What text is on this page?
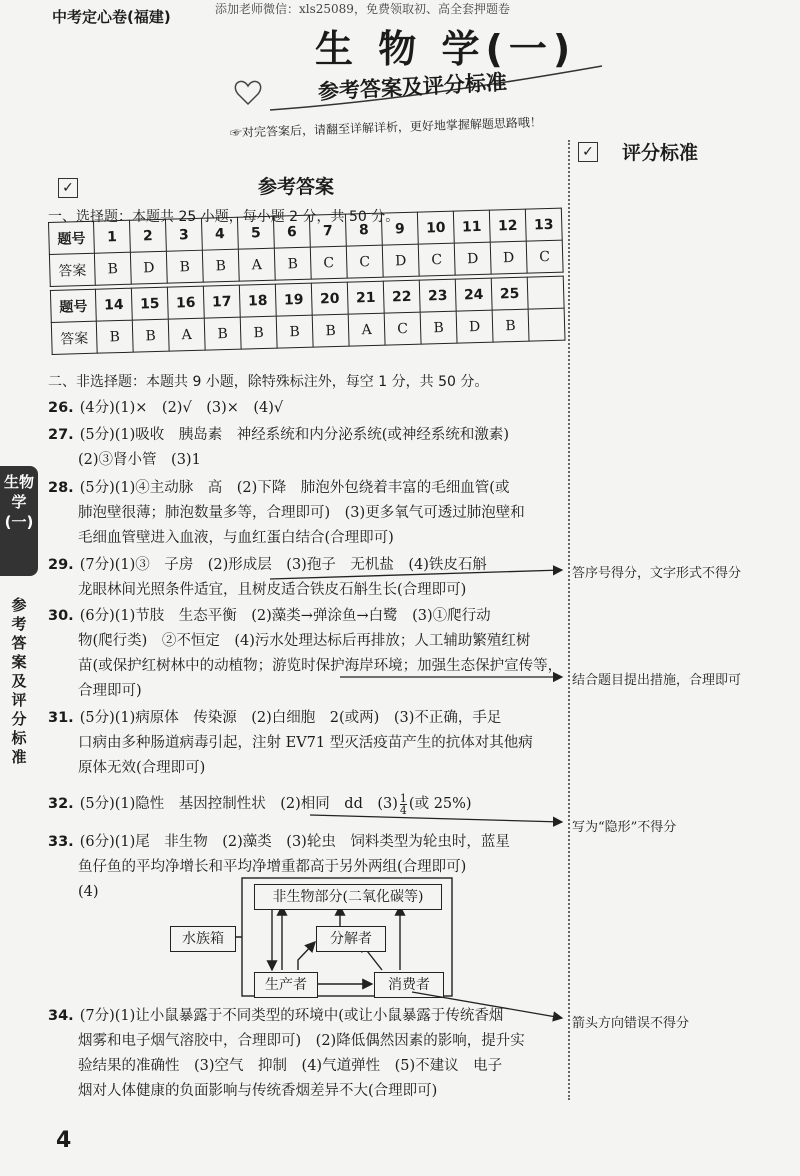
添加老师微信：xls25089，免费领取初、高全套押题卷
中考定心卷(福建)
生 物 学(一)
参考答案及评分标准
☞对完答案后，请翻至详解详析，更好地掌握解题思路哦！
✓ 评分标准
✓	参考答案
一、选择题：本题共 25 小题，每小题 2 分，共 50 分。
题号	1	2	3	4	5	6	7	8	9	10	11	12	13
答案	B	D	B	B	A	B	C	C	D	C	D	D	C

题号	14	15	16	17	18	19	20	21	22	23	24	25	
答案	B	B	A	B	B	B	B	A	C	B	D	B	
二、非选择题：本题共 9 小题，除特殊标注外，每空 1 分，共 50 分。
26. (4分)(1)×　(2)√　(3)×　(4)√
27. (5分)(1)吸收　胰岛素　神经系统和内分泌系统(或神经系统和激素)
(2)③肾小管　(3)1
28. (5分)(1)④主动脉　高　(2)下降　肺泡外包绕着丰富的毛细血管(或
肺泡壁很薄；肺泡数量多等，合理即可)　(3)更多氧气可透过肺泡壁和
毛细血管壁进入血液，与血红蛋白结合(合理即可)
29. (7分)(1)③　子房　(2)形成层　(3)孢子　无机盐　(4)铁皮石斛
龙眼林间光照条件适宜，且树皮适合铁皮石斛生长(合理即可)
30. (6分)(1)节肢　生态平衡　(2)藻类→弹涂鱼→白鹭　(3)①爬行动
物(爬行类)　②不恒定　(4)污水处理达标后再排放；人工辅助繁殖红树
苗(或保护红树林中的动植物；游览时保护海岸环境；加强生态保护宣传等，
合理即可)
31. (5分)(1)病原体　传染源　(2)白细胞　2(或两)　(3)不正确，手足
口病由多种肠道病毒引起，注射 EV71 型灭活疫苗产生的抗体对其他病
原体无效(合理即可)
32. (5分)(1)隐性　基因控制性状　(2)相同　dd　$(3) \frac{1}{4}$ (或 25%)
33. (6分)(1)尾　非生物　(2)藻类　(3)轮虫　饲料类型为轮虫时，蓝星
鱼仔鱼的平均净增长和平均净增重都高于另外两组(合理即可)
(4)	非生物部分(二氧化碳等)
分解者
水族箱
生产者	消费者
34. (7分)(1)让小鼠暴露于不同类型的环境中(或让小鼠暴露于传统香烟
烟雾和电子烟气溶胶中，合理即可)　(2)降低偶然因素的影响，提升实
验结果的准确性　(3)空气　抑制　(4)气道弹性　(5)不建议　电子
烟对人体健康的负面影响与传统香烟差异不大(合理即可)
答序号得分，文字形式不得分
结合题目提出措施，合理即可
写为“隐形”不得分
箭头方向错误不得分
生物学(一)
参考答案及评分标准
4
